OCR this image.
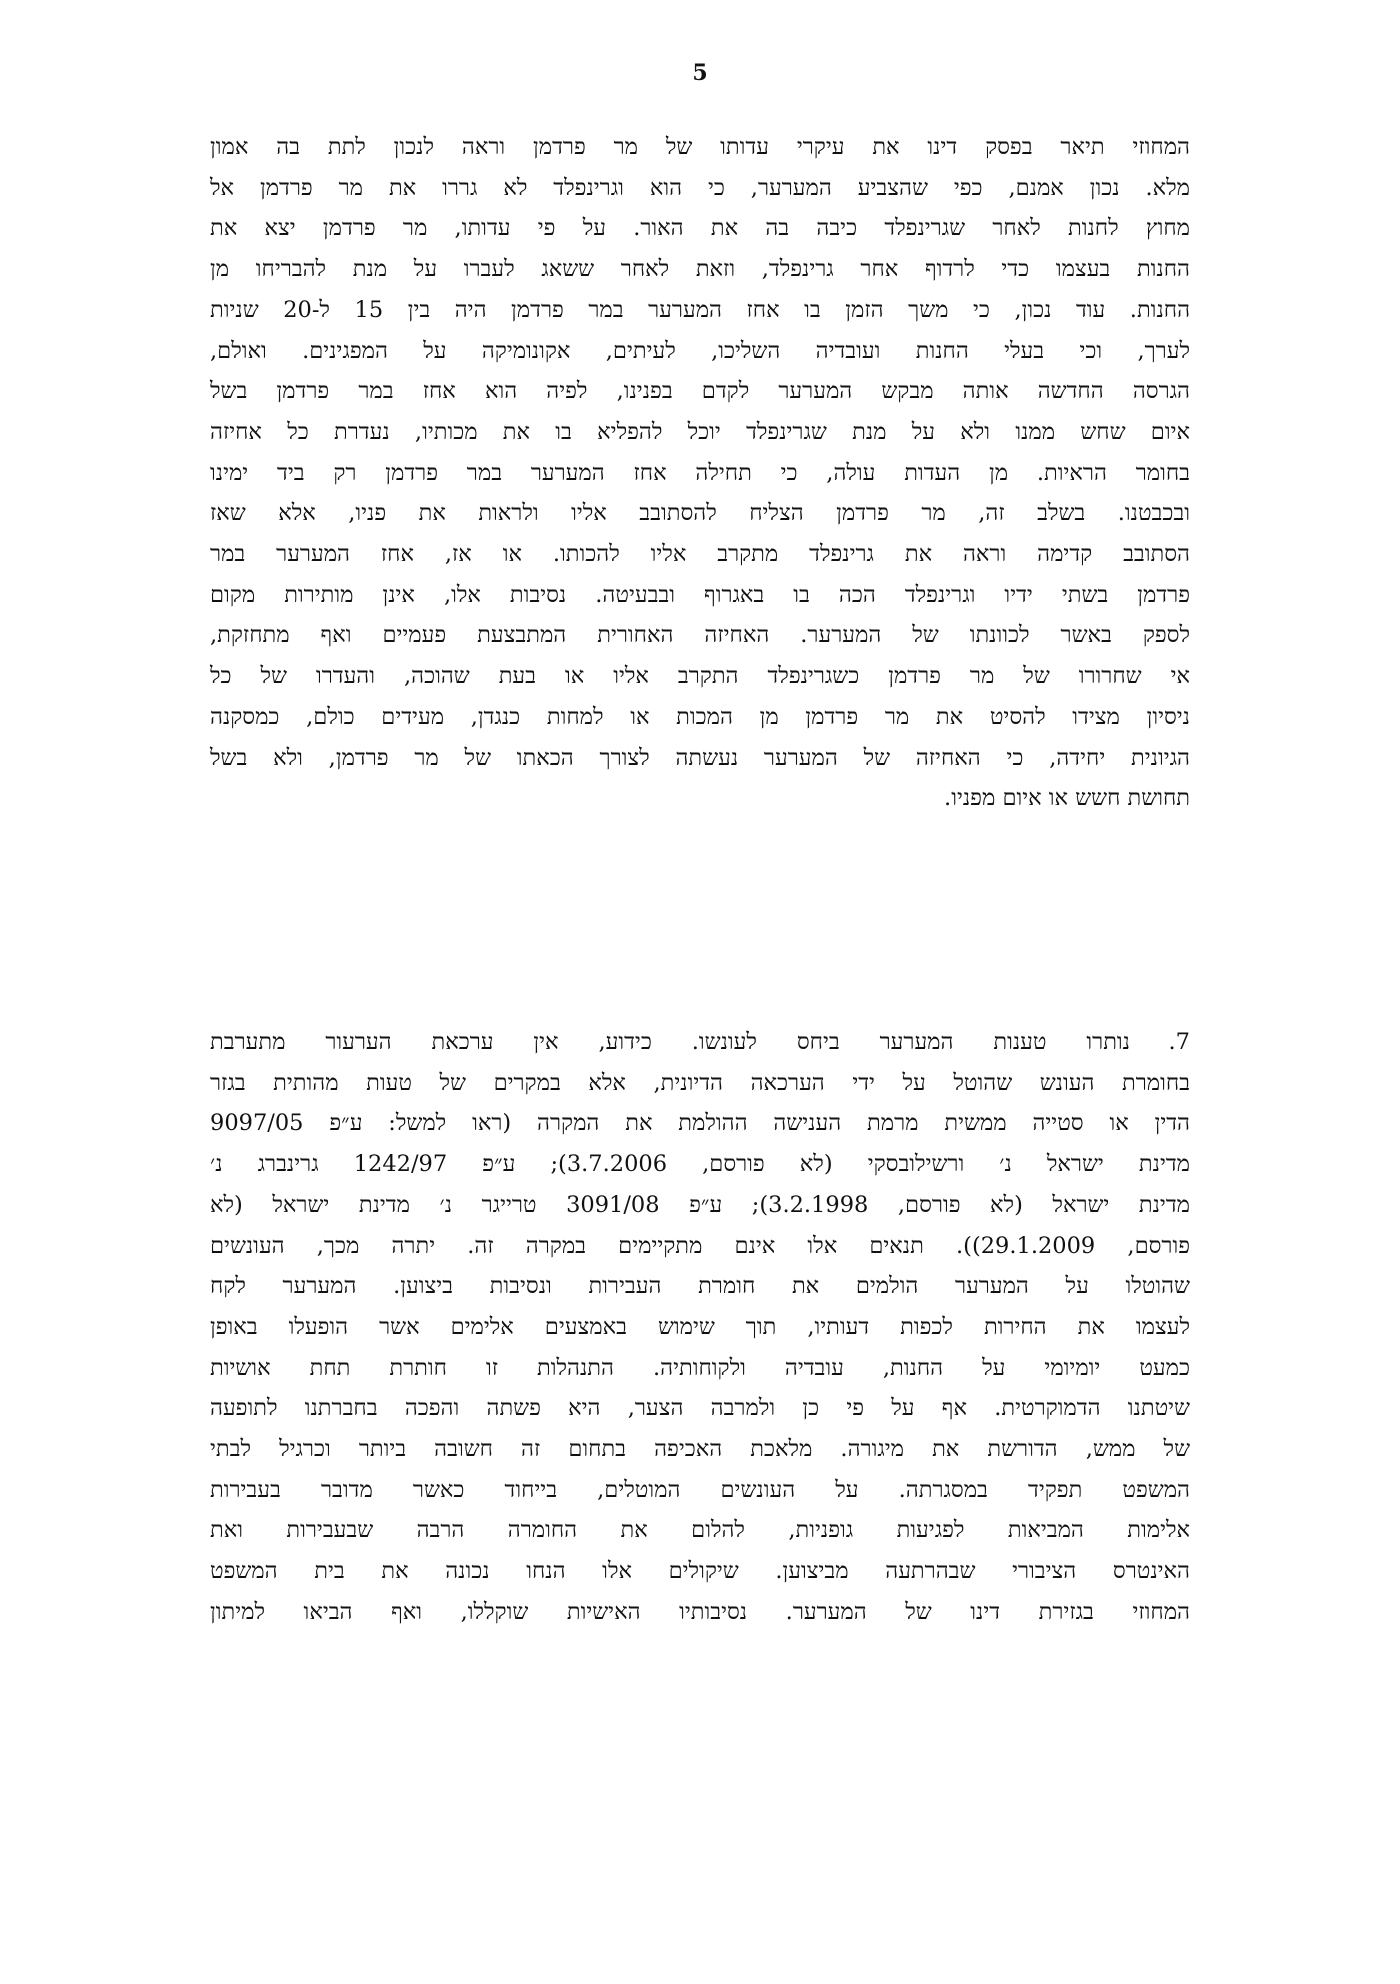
5
המחוזי תיאר בפסק דינו את עיקרי עדותו של מר פרדמן וראה לנכון לתת בה אמון
מלא. נכון אמנם, כפי שהצביע המערער, כי הוא וגרינפלד לא גררו את מר פרדמן אל
מחוץ לחנות לאחר שגרינפלד כיבה בה את האור. על פי עדותו, מר פרדמן יצא את
החנות בעצמו כדי לרדוף אחר גרינפלד, וזאת לאחר ששאג לעברו על מנת להבריחו מן
החנות. עוד נכון, כי משך הזמן בו אחז המערער במר פרדמן היה בין 15 ל-20 שניות
לערך, וכי בעלי החנות ועובדיה השליכו, לעיתים, אקונומיקה על המפגינים. ואולם,
הגרסה החדשה אותה מבקש המערער לקדם בפנינו, לפיה הוא אחז במר פרדמן בשל
איום שחש ממנו ולא על מנת שגרינפלד יוכל להפליא בו את מכותיו, נעדרת כל אחיזה
בחומר הראיות. מן העדות עולה, כי תחילה אחז המערער במר פרדמן רק ביד ימינו
ובכבטנו. בשלב זה, מר פרדמן הצליח להסתובב אליו ולראות את פניו, אלא שאז
הסתובב קדימה וראה את גרינפלד מתקרב אליו להכותו. או אז, אחז המערער במר
פרדמן בשתי ידיו וגרינפלד הכה בו באגרוף ובבעיטה. נסיבות אלו, אינן מותירות מקום
לספק באשר לכוונתו של המערער. האחיזה האחורית המתבצעת פעמיים ואף מתחזקת,
אי שחרורו של מר פרדמן כשגרינפלד התקרב אליו או בעת שהוכה, והעדרו של כל
ניסיון מצידו להסיט את מר פרדמן מן המכות או למחות כנגדן, מעידים כולם, כמסקנה
הגיונית יחידה, כי האחיזה של המערער נעשתה לצורך הכאתו של מר פרדמן, ולא בשל
תחושת חשש או איום מפניו.
7.נותרו טענות המערער ביחס לעונשו. כידוע, אין ערכאת הערעור מתערבת
בחומרת העונש שהוטל על ידי הערכאה הדיונית, אלא במקרים של טעות מהותית בגזר
הדין או סטייה ממשית מרמת הענישה ההולמת את המקרה (ראו למשל: ע״פ 9097/05
מדינת ישראל נ׳ ורשילובסקי (לא פורסם, 3.7.2006); ע״פ 1242/97 גרינברג נ׳
מדינת ישראל (לא פורסם, 3.2.1998); ע״פ 3091/08 טרייגר נ׳ מדינת ישראל (לא
פורסם, 29.1.2009)). תנאים אלו אינם מתקיימים במקרה זה. יתרה מכך, העונשים
שהוטלו על המערער הולמים את חומרת העבירות ונסיבות ביצוען. המערער לקח
לעצמו את החירות לכפות דעותיו, תוך שימוש באמצעים אלימים אשר הופעלו באופן
כמעט יומיומי על החנות, עובדיה ולקוחותיה. התנהלות זו חותרת תחת אושיות
שיטתנו הדמוקרטית. אף על פי כן ולמרבה הצער, היא פשתה והפכה בחברתנו לתופעה
של ממש, הדורשת את מיגורה. מלאכת האכיפה בתחום זה חשובה ביותר וכרגיל לבתי
המשפט תפקיד במסגרתה. על העונשים המוטלים, בייחוד כאשר מדובר בעבירות
אלימות המביאות לפגיעות גופניות, להלום את החומרה הרבה שבעבירות ואת
האינטרס הציבורי שבהרתעה מביצוען. שיקולים אלו הנחו נכונה את בית המשפט
המחוזי בגזירת דינו של המערער. נסיבותיו האישיות שוקללו, ואף הביאו למיתון
